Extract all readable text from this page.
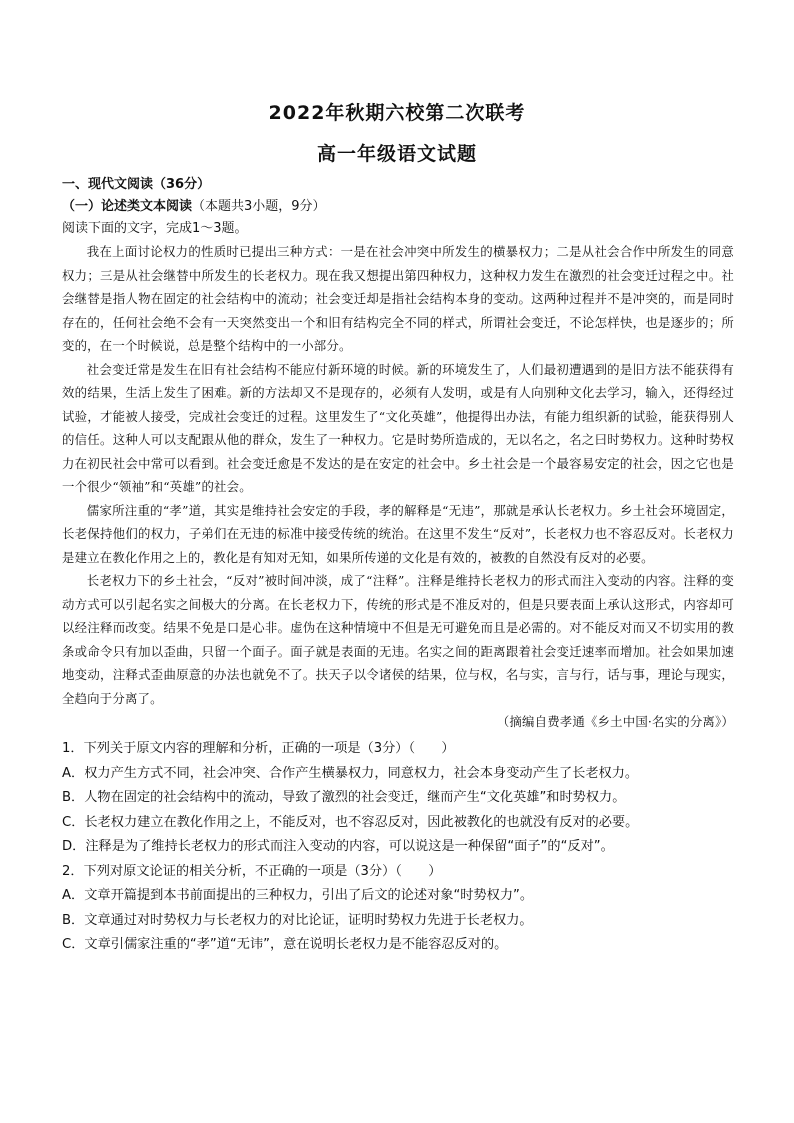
2022年秋期六校第二次联考

高一年级语文试题

一、现代文阅读（36分）

（一）论述类文本阅读（本题共3小题，9分）

阅读下面的文字，完成1～3题。

我在上面讨论权力的性质时已提出三种方式：一是在社会冲突中所发生的横暴权力；二是从社会合作中所发生的同意权力；三是从社会继替中所发生的长老权力。现在我又想提出第四种权力，这种权力发生在激烈的社会变迁过程之中。社会继替是指人物在固定的社会结构中的流动；社会变迁却是指社会结构本身的变动。这两种过程并不是冲突的，而是同时存在的，任何社会绝不会有一天突然变出一个和旧有结构完全不同的样式，所谓社会变迁，不论怎样快，也是逐步的；所变的，在一个时候说，总是整个结构中的一小部分。

社会变迁常是发生在旧有社会结构不能应付新环境的时候。新的环境发生了，人们最初遭遇到的是旧方法不能获得有效的结果，生活上发生了困难。新的方法却又不是现存的，必须有人发明，或是有人向别种文化去学习，输入，还得经过试验，才能被人接受，完成社会变迁的过程。这里发生了“文化英雄”，他提得出办法，有能力组织新的试验，能获得别人的信任。这种人可以支配跟从他的群众，发生了一种权力。它是时势所造成的，无以名之，名之曰时势权力。这种时势权力在初民社会中常可以看到。社会变迁愈是不发达的是在安定的社会中。乡土社会是一个最容易安定的社会，因之它也是一个很少“领袖”和“英雄”的社会。

儒家所注重的“孝”道，其实是维持社会安定的手段，孝的解释是“无违”，那就是承认长老权力。乡土社会环境固定，长老保持他们的权力，子弟们在无违的标准中接受传统的统治。在这里不发生“反对”，长老权力也不容忍反对。长老权力是建立在教化作用之上的，教化是有知对无知，如果所传递的文化是有效的，被教的自然没有反对的必要。

长老权力下的乡土社会，“反对”被时间冲淡，成了“注释”。注释是维持长老权力的形式而注入变动的内容。注释的变动方式可以引起名实之间极大的分离。在长老权力下，传统的形式是不准反对的，但是只要表面上承认这形式，内容却可以经注释而改变。结果不免是口是心非。虚伪在这种情境中不但是无可避免而且是必需的。对不能反对而又不切实用的教条或命令只有加以歪曲，只留一个面子。面子就是表面的无违。名实之间的距离跟着社会变迁速率而增加。社会如果加速地变动，注释式歪曲原意的办法也就免不了。扶天子以令诸侯的结果，位与权，名与实，言与行，话与事，理论与现实，全趋向于分离了。

（摘编自费孝通《乡土中国·名实的分离》）

1．下列关于原文内容的理解和分析，正确的一项是（3分）（　　）

A．权力产生方式不同，社会冲突、合作产生横暴权力，同意权力，社会本身变动产生了长老权力。

B．人物在固定的社会结构中的流动，导致了激烈的社会变迁，继而产生“文化英雄”和时势权力。

C．长老权力建立在教化作用之上，不能反对，也不容忍反对，因此被教化的也就没有反对的必要。

D．注释是为了维持长老权力的形式而注入变动的内容，可以说这是一种保留“面子”的“反对”。

2．下列对原文论证的相关分析，不正确的一项是（3分）（　　）

A．文章开篇提到本书前面提出的三种权力，引出了后文的论述对象“时势权力”。

B．文章通过对时势权力与长老权力的对比论证，证明时势权力先进于长老权力。

C．文章引儒家注重的“孝”道“无讳”，意在说明长老权力是不能容忍反对的。
